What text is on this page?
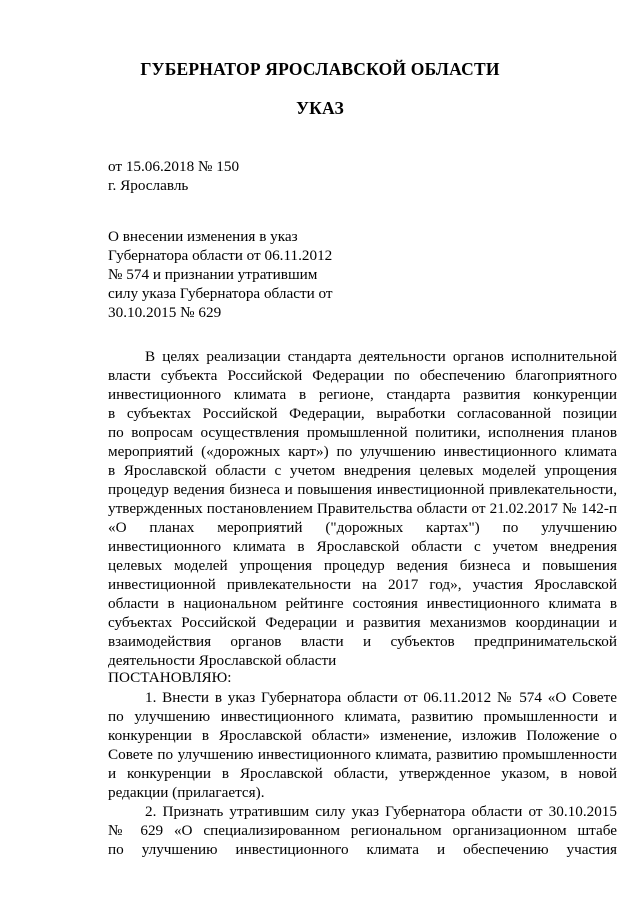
ГУБЕРНАТОР ЯРОСЛАВСКОЙ ОБЛАСТИ
УКАЗ
от 15.06.2018 № 150
г. Ярославль
О внесении изменения в указ
Губернатора области от 06.11.2012
№ 574 и признании утратившим
силу указа Губернатора области от
30.10.2015 № 629
В целях реализации стандарта деятельности органов исполнительной
власти субъекта Российской Федерации по обеспечению благоприятного
инвестиционного климата в регионе, стандарта развития конкуренции
в субъектах Российской Федерации, выработки согласованной позиции
по вопросам осуществления промышленной политики, исполнения планов
мероприятий («дорожных карт») по улучшению инвестиционного климата
в Ярославской области с учетом внедрения целевых моделей упрощения
процедур ведения бизнеса и повышения инвестиционной привлекательности,
утвержденных постановлением Правительства области от 21.02.2017 № 142-п
«О планах мероприятий ("дорожных картах") по улучшению
инвестиционного климата в Ярославской области с учетом внедрения
целевых моделей упрощения процедур ведения бизнеса и повышения
инвестиционной привлекательности на 2017 год», участия Ярославской
области в национальном рейтинге состояния инвестиционного климата в
субъектах Российской Федерации и развития механизмов координации и
взаимодействия органов власти и субъектов предпринимательской
деятельности Ярославской области
ПОСТАНОВЛЯЮ:
1. Внести в указ Губернатора области от 06.11.2012 № 574 «О Совете
по улучшению инвестиционного климата, развитию промышленности и
конкуренции в Ярославской области» изменение, изложив Положение о
Совете по улучшению инвестиционного климата, развитию промышленности
и конкуренции в Ярославской области, утвержденное указом, в новой
редакции (прилагается).
2. Признать утратившим силу указ Губернатора области от 30.10.2015
№ 629 «О специализированном региональном организационном штабе
по улучшению инвестиционного климата и обеспечению участия
